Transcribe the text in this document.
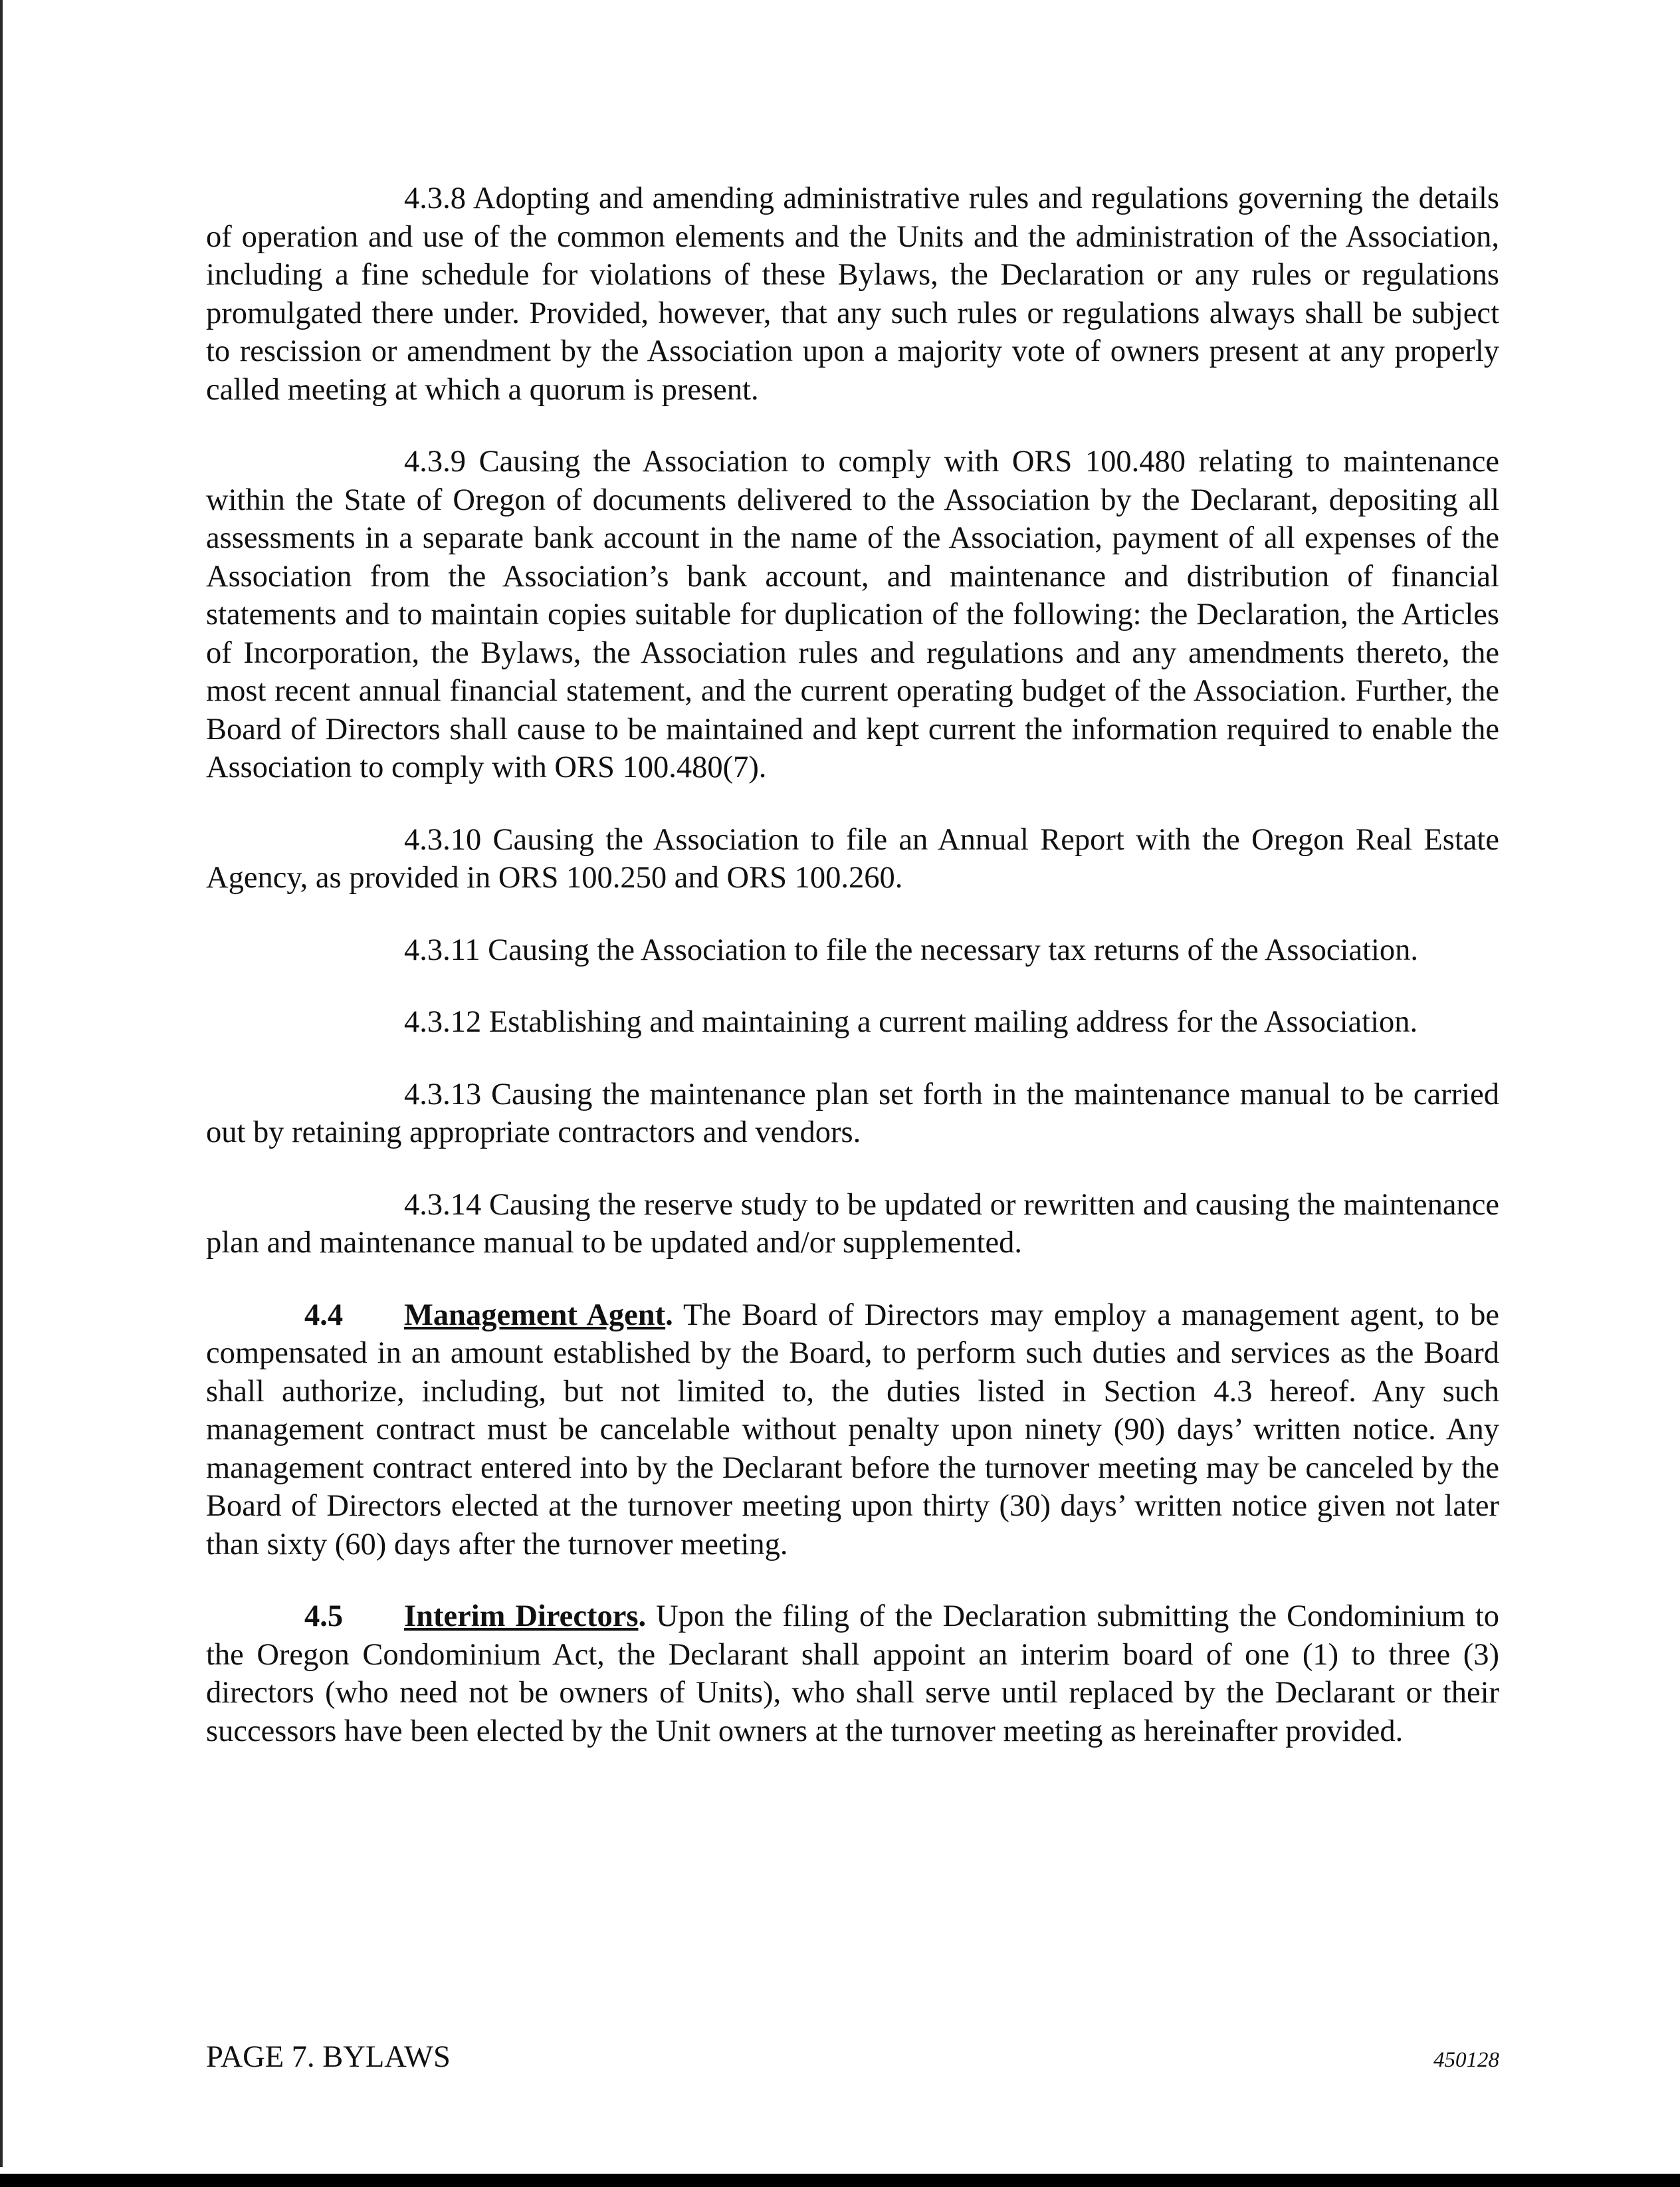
4.3.8 Adopting and amending administrative rules and regulations governing the details of operation and use of the common elements and the Units and the administration of the Association, including a fine schedule for violations of these Bylaws, the Declaration or any rules or regulations promulgated there under. Provided, however, that any such rules or regulations always shall be subject to rescission or amendment by the Association upon a majority vote of owners present at any properly called meeting at which a quorum is present.

4.3.9 Causing the Association to comply with ORS 100.480 relating to maintenance within the State of Oregon of documents delivered to the Association by the Declarant, depositing all assessments in a separate bank account in the name of the Association, payment of all expenses of the Association from the Association’s bank account, and maintenance and distribution of financial statements and to maintain copies suitable for duplication of the following: the Declaration, the Articles of Incorporation, the Bylaws, the Association rules and regulations and any amendments thereto, the most recent annual financial statement, and the current operating budget of the Association. Further, the Board of Directors shall cause to be maintained and kept current the information required to enable the Association to comply with ORS 100.480(7).

4.3.10 Causing the Association to file an Annual Report with the Oregon Real Estate Agency, as provided in ORS 100.250 and ORS 100.260.

4.3.11 Causing the Association to file the necessary tax returns of the Association.

4.3.12 Establishing and maintaining a current mailing address for the Association.

4.3.13 Causing the maintenance plan set forth in the maintenance manual to be carried out by retaining appropriate contractors and vendors.

4.3.14 Causing the reserve study to be updated or rewritten and causing the maintenance plan and maintenance manual to be updated and/or supplemented.

4.4 Management Agent. The Board of Directors may employ a management agent, to be compensated in an amount established by the Board, to perform such duties and services as the Board shall authorize, including, but not limited to, the duties listed in Section 4.3 hereof. Any such management contract must be cancelable without penalty upon ninety (90) days’ written notice. Any management contract entered into by the Declarant before the turnover meeting may be canceled by the Board of Directors elected at the turnover meeting upon thirty (30) days’ written notice given not later than sixty (60) days after the turnover meeting.

4.5 Interim Directors. Upon the filing of the Declaration submitting the Condominium to the Oregon Condominium Act, the Declarant shall appoint an interim board of one (1) to three (3) directors (who need not be owners of Units), who shall serve until replaced by the Declarant or their successors have been elected by the Unit owners at the turnover meeting as hereinafter provided.

PAGE 7. BYLAWS	450128
